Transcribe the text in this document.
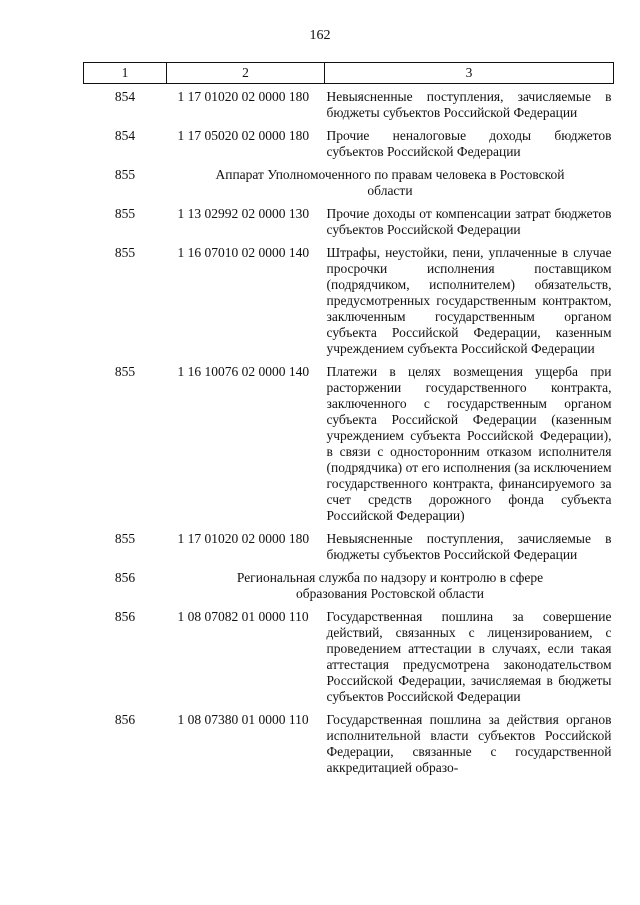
162
1	2	3
854	1 17 01020 02 0000 180	Невыясненные поступления, зачисляемые в бюджеты субъектов Российской Федерации
854	1 17 05020 02 0000 180	Прочие неналоговые доходы бюджетов субъектов Российской Федерации
855	Аппарат Уполномоченного по правам человека в Ростовской области	
855	1 13 02992 02 0000 130	Прочие доходы от компенсации затрат бюджетов субъектов Российской Федерации
855	1 16 07010 02 0000 140	Штрафы, неустойки, пени, уплаченные в случае просрочки исполнения поставщиком (подрядчиком, исполнителем) обязательств, предусмотренных государственным контрактом, заключенным государственным органом субъекта Российской Федерации, казенным учреждением субъекта Российской Федерации
855	1 16 10076 02 0000 140	Платежи в целях возмещения ущерба при расторжении государственного контракта, заключенного с государственным органом субъекта Российской Федерации (казенным учреждением субъекта Российской Федерации), в связи с односторонним отказом исполнителя (подрядчика) от его исполнения (за исключением государственного контракта, финансируемого за счет средств дорожного фонда субъекта Российской Федерации)
855	1 17 01020 02 0000 180	Невыясненные поступления, зачисляемые в бюджеты субъектов Российской Федерации
856	Региональная служба по надзору и контролю в сфере образования Ростовской области	
856	1 08 07082 01 0000 110	Государственная пошлина за совершение действий, связанных с лицензированием, с проведением аттестации в случаях, если такая аттестация предусмотрена законодательством Российской Федерации, зачисляемая в бюджеты субъектов Российской Федерации
856	1 08 07380 01 0000 110	Государственная пошлина за действия органов исполнительной власти субъектов Российской Федерации, связанные с государственной аккредитацией образо-
